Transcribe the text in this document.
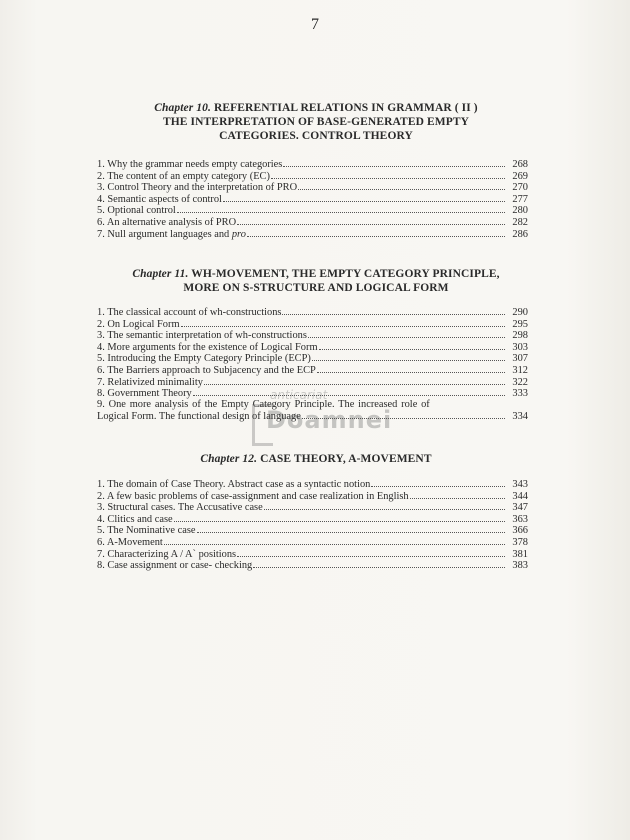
7
Chapter 10. REFERENTIAL RELATIONS IN GRAMMAR ( II )
THE INTERPRETATION OF BASE-GENERATED EMPTY
CATEGORIES. CONTROL THEORY
1. Why the grammar needs empty categories	268
2. The content of an empty category (EC)	269
3. Control Theory and the interpretation of PRO	270
4. Semantic aspects of control	277
5. Optional control	280
6. An alternative analysis of PRO	282
7. Null argument languages and pro	286
Chapter 11. WH-MOVEMENT, THE EMPTY CATEGORY PRINCIPLE,
MORE ON S-STRUCTURE AND LOGICAL FORM
1. The classical account of wh-constructions	290
2. On Logical Form	295
3. The semantic interpretation of wh-constructions	298
4. More arguments for the existence of Logical Form	303
5. Introducing the Empty Category Principle (ECP)	307
6. The Barriers approach to Subjacency and the ECP	312
7. Relativized minimality	322
8. Government Theory	333
9. One more analysis of the Empty Category Principle. The increased role of
Logical Form. The functional design of language	334
anticariat
Doamnei
Chapter 12. CASE THEORY, A-MOVEMENT
1. The domain of Case Theory. Abstract case as a syntactic notion	343
2. A few basic problems of case-assignment and case realization in English	344
3. Structural cases. The Accusative case	347
4. Clitics and case	363
5. The Nominative case	366
6. A-Movement	378
7. Characterizing A / A` positions	381
8. Case assignment or case- checking	383
